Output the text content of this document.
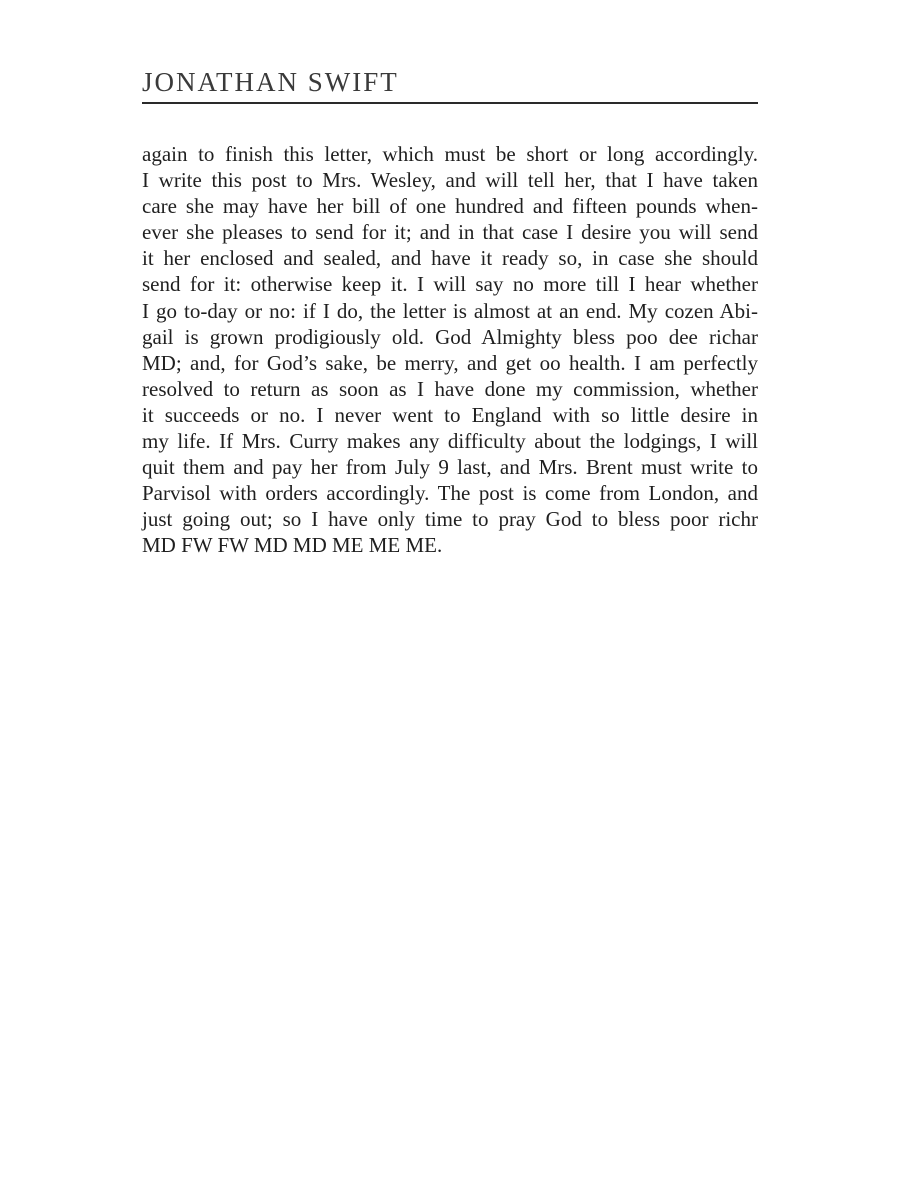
JONATHAN SWIFT
again to finish this letter, which must be short or long accordingly.
I write this post to Mrs. Wesley, and will tell her, that I have taken
care she may have her bill of one hundred and fifteen pounds when-
ever she pleases to send for it; and in that case I desire you will send
it her enclosed and sealed, and have it ready so, in case she should
send for it: otherwise keep it. I will say no more till I hear whether
I go to-day or no: if I do, the letter is almost at an end. My cozen Abi-
gail is grown prodigiously old. God Almighty bless poo dee richar
MD; and, for God’s sake, be merry, and get oo health. I am perfectly
resolved to return as soon as I have done my commission, whether
it succeeds or no. I never went to England with so little desire in
my life. If Mrs. Curry makes any difficulty about the lodgings, I will
quit them and pay her from July 9 last, and Mrs. Brent must write to
Parvisol with orders accordingly. The post is come from London, and
just going out; so I have only time to pray God to bless poor richr
MD FW FW MD MD ME ME ME.
